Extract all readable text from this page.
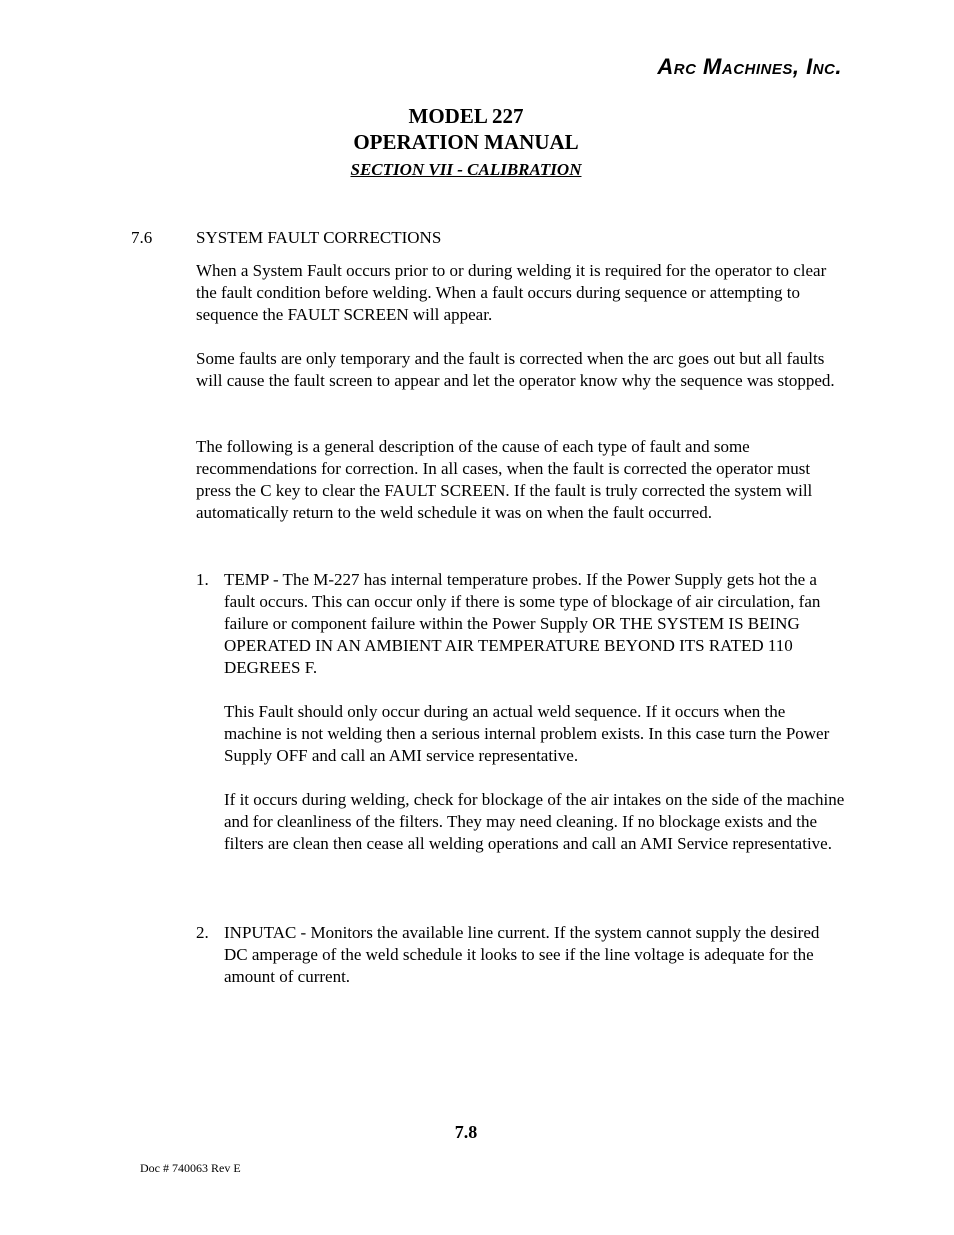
Arc Machines, Inc.
MODEL 227
OPERATION MANUAL
SECTION VII - CALIBRATION
7.6	SYSTEM FAULT CORRECTIONS

When a System Fault occurs prior to or during welding it is required for the operator to clear the fault condition before welding. When a fault occurs during sequence or attempting to sequence the FAULT SCREEN will appear.

Some faults are only temporary and the fault is corrected when the arc goes out but all faults will cause the fault screen to appear and let the operator know why the sequence was stopped.

The following is a general description of the cause of each type of fault and some recommendations for correction. In all cases, when the fault is corrected the operator must press the C key to clear the FAULT SCREEN. If the fault is truly corrected the system will automatically return to the weld schedule it was on when the fault occurred.

1. TEMP - The M-227 has internal temperature probes. If the Power Supply gets hot the a fault occurs. This can occur only if there is some type of blockage of air circulation, fan failure or component failure within the Power Supply OR THE SYSTEM IS BEING OPERATED IN AN AMBIENT AIR TEMPERATURE BEYOND ITS RATED 110 DEGREES F.

This Fault should only occur during an actual weld sequence. If it occurs when the machine is not welding then a serious internal problem exists. In this case turn the Power Supply OFF and call an AMI service representative.

If it occurs during welding, check for blockage of the air intakes on the side of the machine and for cleanliness of the filters. They may need cleaning. If no blockage exists and the filters are clean then cease all welding operations and call an AMI Service representative.

2. INPUTAC - Monitors the available line current. If the system cannot supply the desired DC amperage of the weld schedule it looks to see if the line voltage is adequate for the amount of current.

7.8
Doc # 740063 Rev E
